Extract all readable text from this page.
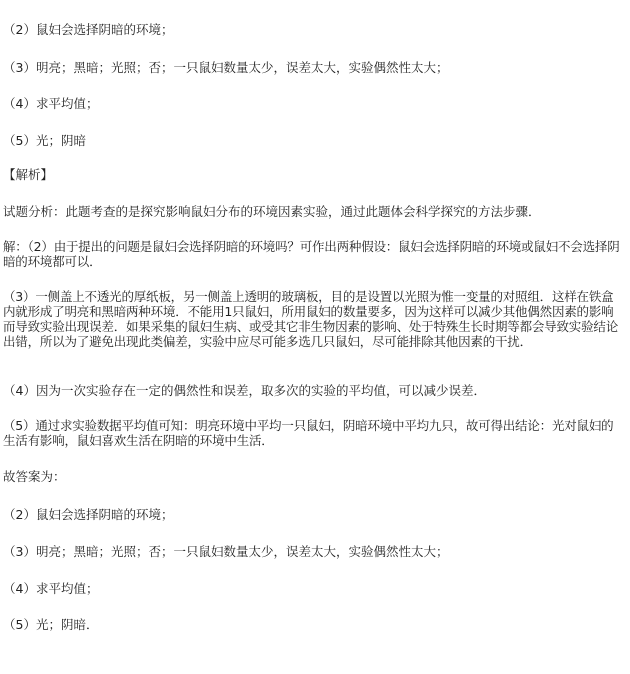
（2）鼠妇会选择阴暗的环境；
（3）明亮；黑暗；光照；否；一只鼠妇数量太少，误差太大，实验偶然性太大；
（4）求平均值；
（5）光；阴暗
【解析】
试题分析：此题考查的是探究影响鼠妇分布的环境因素实验，通过此题体会科学探究的方法步骤．
解：（2）由于提出的问题是鼠妇会选择阴暗的环境吗？可作出两种假设：鼠妇会选择阴暗的环境或鼠妇不会选择阴暗的环境都可以．
（3）一侧盖上不透光的厚纸板，另一侧盖上透明的玻璃板，目的是设置以光照为惟一变量的对照组．这样在铁盒内就形成了明亮和黑暗两种环境．不能用1只鼠妇，所用鼠妇的数量要多，因为这样可以减少其他偶然因素的影响而导致实验出现误差．如果采集的鼠妇生病、或受其它非生物因素的影响、处于特殊生长时期等都会导致实验结论出错，所以为了避免出现此类偏差，实验中应尽可能多选几只鼠妇，尽可能排除其他因素的干扰．
（4）因为一次实验存在一定的偶然性和误差，取多次的实验的平均值，可以减少误差．
（5）通过求实验数据平均值可知：明亮环境中平均一只鼠妇，阴暗环境中平均九只，故可得出结论：光对鼠妇的生活有影响，鼠妇喜欢生活在阴暗的环境中生活．
故答案为：
（2）鼠妇会选择阴暗的环境；
（3）明亮；黑暗；光照；否；一只鼠妇数量太少，误差太大，实验偶然性太大；
（4）求平均值；
（5）光；阴暗．
